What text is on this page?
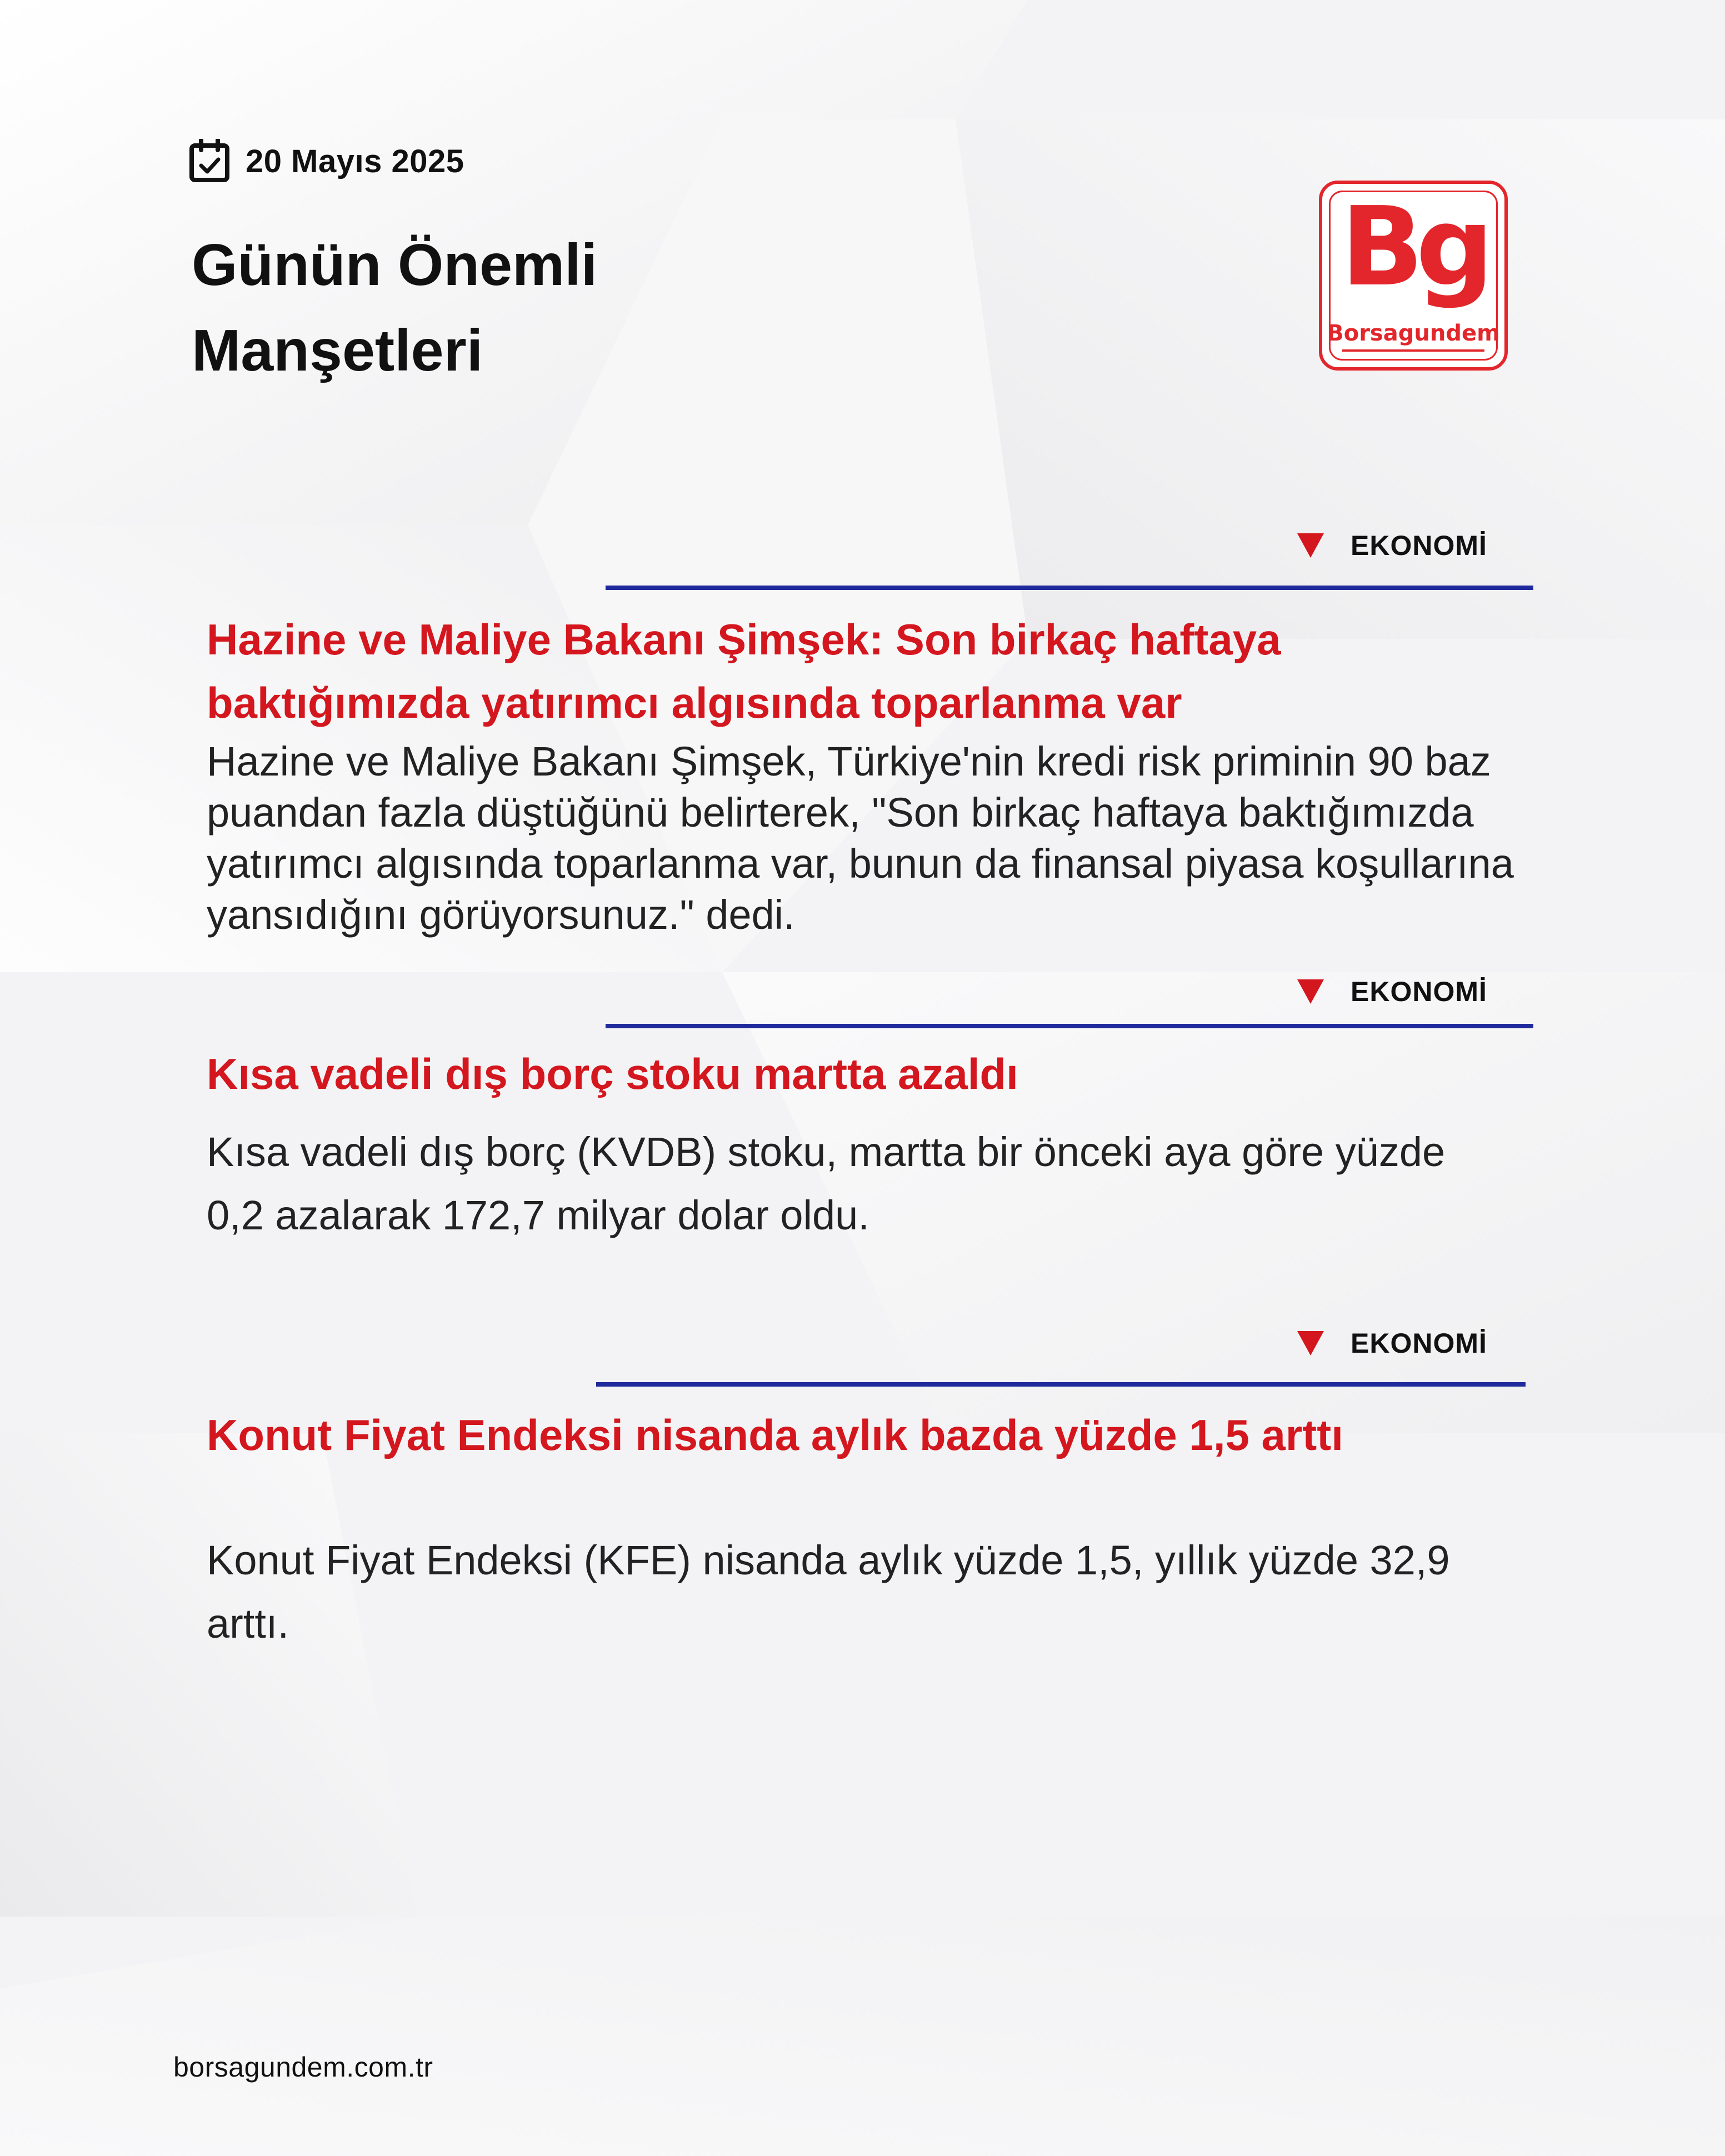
20 Mayıs 2025
Günün Önemli
Manşetleri
Bg
Borsagundem
EKONOMİ
Hazine ve Maliye Bakanı Şimşek: Son birkaç haftaya baktığımızda yatırımcı algısında toparlanma var

Hazine ve Maliye Bakanı Şimşek, Türkiye'nin kredi risk priminin 90 baz puandan fazla düştüğünü belirterek, "Son birkaç haftaya baktığımızda yatırımcı algısında toparlanma var, bunun da finansal piyasa koşullarına yansıdığını görüyorsunuz." dedi.

EKONOMİ
Kısa vadeli dış borç stoku martta azaldı

Kısa vadeli dış borç (KVDB) stoku, martta bir önceki aya göre yüzde 0,2 azalarak 172,7 milyar dolar oldu.

EKONOMİ
Konut Fiyat Endeksi nisanda aylık bazda yüzde 1,5 arttı

Konut Fiyat Endeksi (KFE) nisanda aylık yüzde 1,5, yıllık yüzde 32,9 arttı.

borsagundem.com.tr
